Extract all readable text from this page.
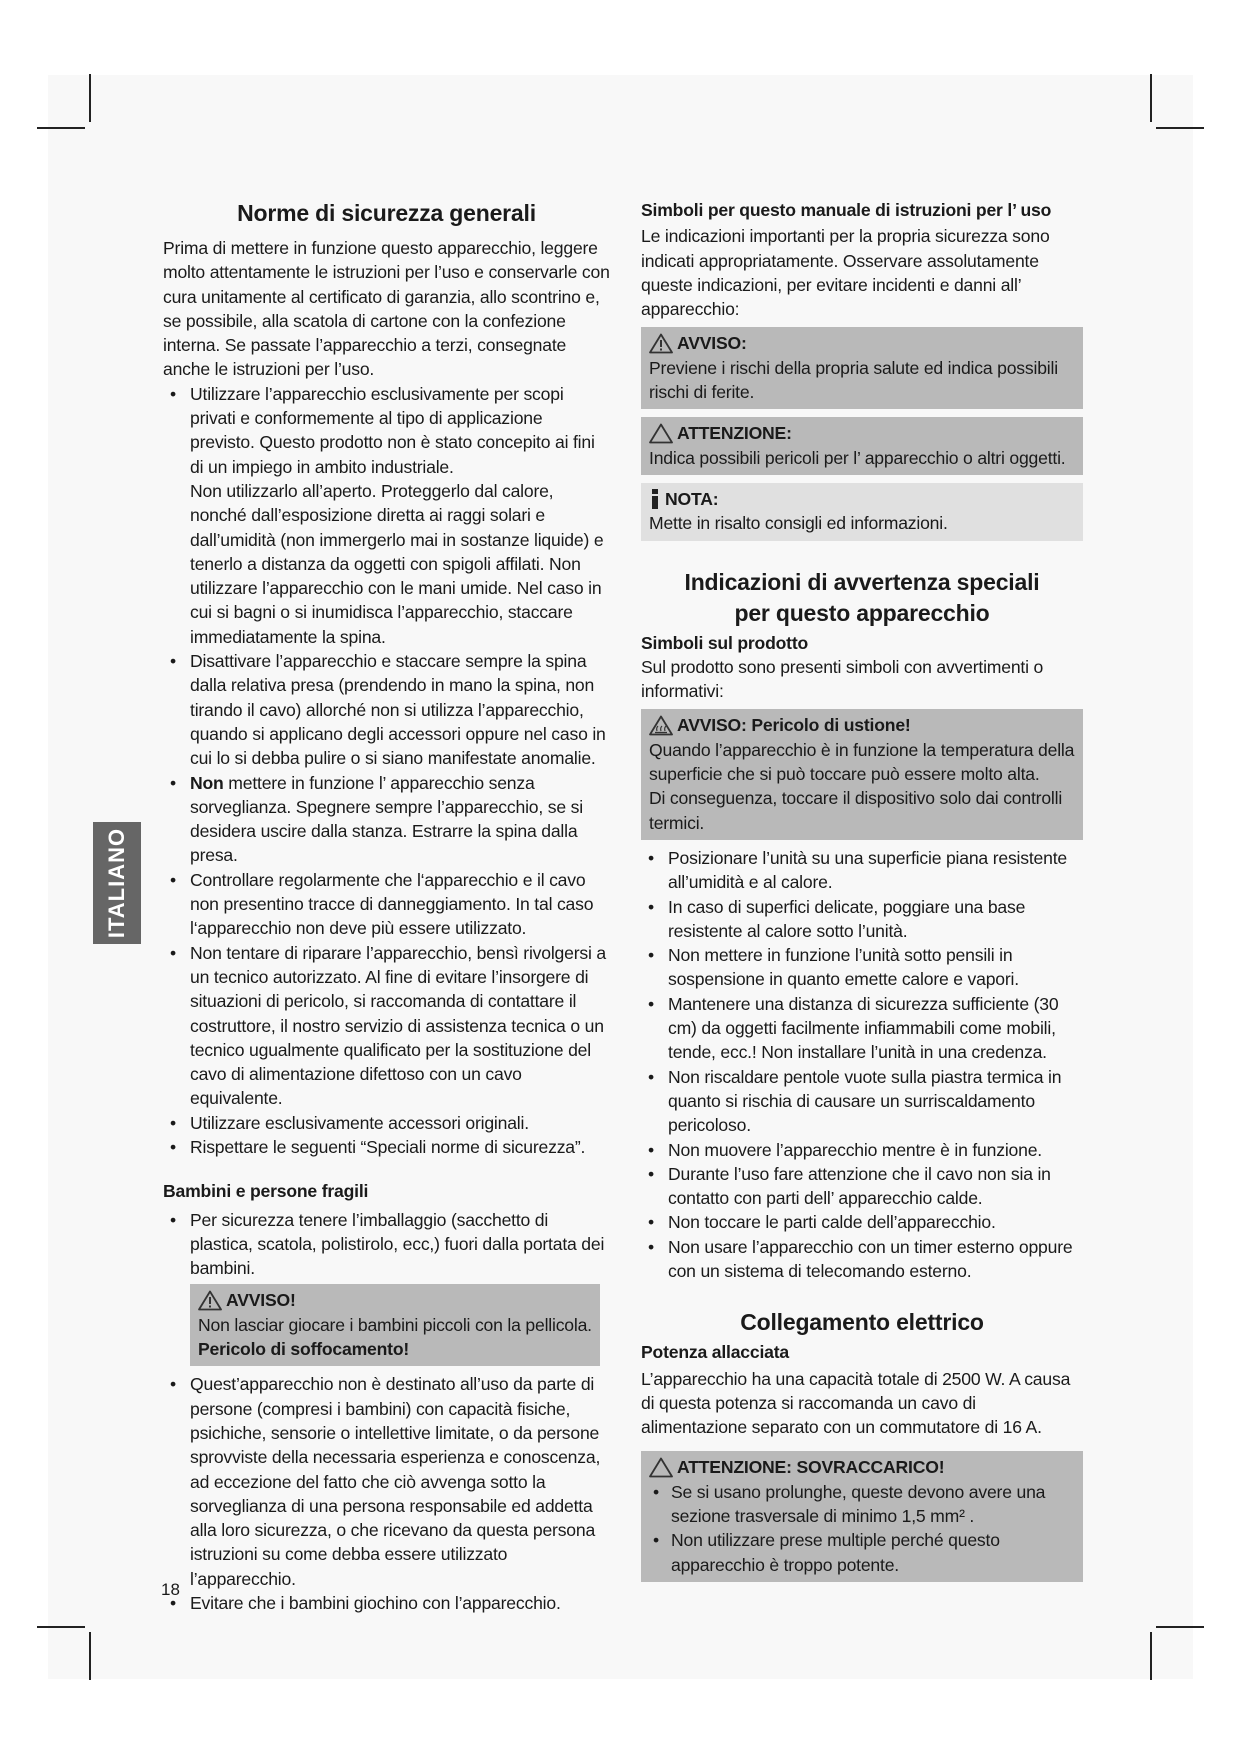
ITALIANO
Norme di sicurezza generali

Prima di mettere in funzione questo apparecchio, leggere molto attentamente le istruzioni per l’uso e conservarle con cura unitamente al certificato di garanzia, allo scontrino e, se possibile, alla scatola di cartone con la confezione interna. Se passate l’apparecchio a terzi, consegnate anche le istruzioni per l’uso.

• Utilizzare l’apparecchio esclusivamente per scopi privati e conformemente al tipo di applicazione previsto. Questo prodotto non è stato concepito ai fini di un impiego in ambito industriale.
Non utilizzarlo all’aperto. Proteggerlo dal calore, nonché dall’esposizione diretta ai raggi solari e dall’umidità (non immergerlo mai in sostanze liquide) e tenerlo a distanza da oggetti con spigoli affilati. Non utilizzare l’apparecchio con le mani umide. Nel caso in cui si bagni o si inumidisca l’apparecchio, staccare immediatamente la spina.
• Disattivare l’apparecchio e staccare sempre la spina dalla relativa presa (prendendo in mano la spina, non tirando il cavo) allorché non si utilizza l’apparecchio, quando si applicano degli accessori oppure nel caso in cui lo si debba pulire o si siano manifestate anomalie.
• Non mettere in funzione l’ apparecchio senza sorveglianza. Spegnere sempre l’apparecchio, se si desidera uscire dalla stanza. Estrarre la spina dalla presa.
• Controllare regolarmente che l‘apparecchio e il cavo non presentino tracce di danneggiamento. In tal caso l‘apparecchio non deve più essere utilizzato.
• Non tentare di riparare l’apparecchio, bensì rivolgersi a un tecnico autorizzato. Al fine di evitare l’insorgere di situazioni di pericolo, si raccomanda di contattare il costruttore, il nostro servizio di assistenza tecnica o un tecnico ugualmente qualificato per la sostituzione del cavo di alimentazione difettoso con un cavo equivalente.
• Utilizzare esclusivamente accessori originali.
• Rispettare le seguenti “Speciali norme di sicurezza”.
Bambini e persone fragili
• Per sicurezza tenere l’imballaggio (sacchetto di plastica, scatola, polistirolo, ecc,) fuori dalla portata dei bambini.
AVVISO!

Non lasciar giocare i bambini piccoli con la pellicola.

Pericolo di soffocamento!

• Quest’apparecchio non è destinato all’uso da parte di persone (compresi i bambini) con capacità fisiche, psichiche, sensorie o intellettive limitate, o da persone sprovviste della necessaria esperienza e conoscenza, ad eccezione del fatto che ciò avvenga sotto la sorveglianza di una persona responsabile ed addetta alla loro sicurezza, o che ricevano da questa persona istruzioni su come debba essere utilizzato l’apparecchio.
• Evitare che i bambini giochino con l’apparecchio.
Simboli per questo manuale di istruzioni per l’ uso

Le indicazioni importanti per la propria sicurezza sono indicati appropriatamente. Osservare assolutamente queste indicazioni, per evitare incidenti e danni all’ apparecchio:

AVVISO:

Previene i rischi della propria salute ed indica possibili rischi di ferite.

ATTENZIONE:

Indica possibili pericoli per l’ apparecchio o altri oggetti.

NOTA:

Mette in risalto consigli ed informazioni.

Indicazioni di avvertenza speciali
per questo apparecchio
Simboli sul prodotto

Sul prodotto sono presenti simboli con avvertimenti o informativi:

AVVISO: Pericolo di ustione!

Quando l’apparecchio è in funzione la temperatura della superficie che si può toccare può essere molto alta.

Di conseguenza, toccare il dispositivo solo dai controlli termici.

• Posizionare l’unità su una superficie piana resistente all’umidità e al calore.
• In caso di superfici delicate, poggiare una base resistente al calore sotto l’unità.
• Non mettere in funzione l’unità sotto pensili in sospensione in quanto emette calore e vapori.
• Mantenere una distanza di sicurezza sufficiente (30 cm) da oggetti facilmente infiammabili come mobili, tende, ecc.! Non installare l’unità in una credenza.
• Non riscaldare pentole vuote sulla piastra termica in quanto si rischia di causare un surriscaldamento pericoloso.
• Non muovere l’apparecchio mentre è in funzione.
• Durante l’uso fare attenzione che il cavo non sia in contatto con parti dell’ apparecchio calde.
• Non toccare le parti calde dell’apparecchio.
• Non usare l’apparecchio con un timer esterno oppure con un sistema di telecomando esterno.
Collegamento elettrico
Potenza allacciata

L’apparecchio ha una capacità totale di 2500 W. A causa di questa potenza si raccomanda un cavo di alimentazione separato con un commutatore di 16 A.

ATTENZIONE: SOVRACCARICO!
• Se si usano prolunghe, queste devono avere una sezione trasversale di minimo 1,5 mm² .
• Non utilizzare prese multiple perché questo apparecchio è troppo potente.
18
